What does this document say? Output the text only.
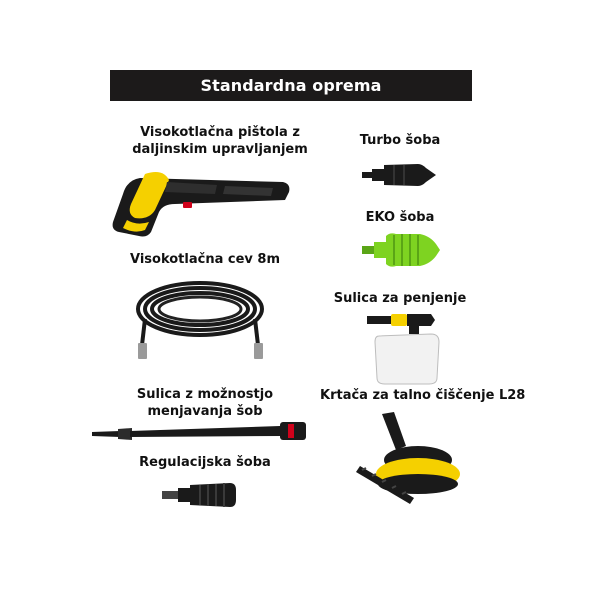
Standardna oprema
Visokotlačna pištola z
daljinskim upravljanjem
Visokotlačna cev 8m
Sulica z možnostjo
menjavanja šob
Regulacijska šoba
Turbo šoba
EKO šoba
Sulica za penjenje
Krtača za talno čiščenje L28
